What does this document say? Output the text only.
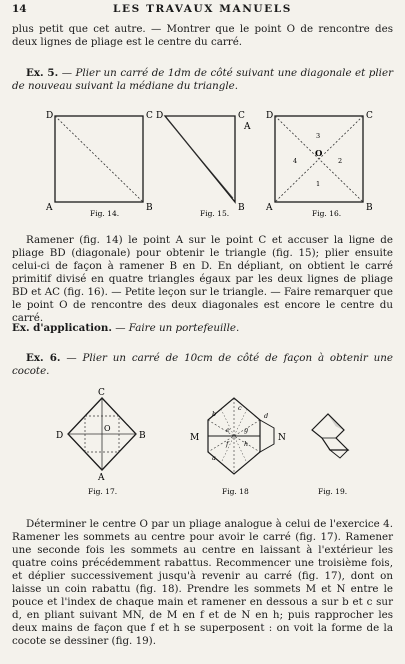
14	LES TRAVAUX MANUELS
plus petit que cet autre. — Montrer que le point O de rencontre des deux lignes de pliage est le centre du carré.
Ex. 5. — Plier un carré de 1dm de côté suivant une diagonale et plier de nouveau suivant la médiane du triangle.
D	C
A	B
Fig. 14.
D	C
A
B
Fig. 15.
D	C
A	B
O
3
4	2
1
Fig. 16.
Ramener (fig. 14) le point A sur le point C et accuser la ligne de pliage BD (diagonale) pour obtenir le triangle (fig. 15); plier ensuite celui-ci de façon à ramener B en D. En dépliant, on obtient le carré primitif divisé en quatre triangles égaux par les deux lignes de pliage BD et AC (fig. 16). — Petite leçon sur le triangle. — Faire remarquer que le point O de rencontre des deux diagonales est encore le centre du carré.
Ex. d'application. — Faire un portefeuille.
Ex. 6. — Plier un carré de 10cm de côté de façon à obtenir une cocote.
C
D	B
A
O
Fig. 17.
M	N
b
c
d
a
e
f
g
h
Fig. 18	Fig. 19.
Déterminer le centre O par un pliage analogue à celui de l'exercice 4. Ramener les sommets au centre pour avoir le carré (fig. 17). Ramener une seconde fois les sommets au centre en laissant à l'extérieur les quatre coins précédemment rabattus. Recommencer une troisième fois, et déplier successivement jusqu'à revenir au carré (fig. 17), dont on laisse un coin rabattu (fig. 18). Prendre les sommets M et N entre le pouce et l'index de chaque main et ramener en dessous a sur b et c sur d, en pliant suivant MN, de M en f et de N en h; puis rapprocher les deux mains de façon que f et h se superposent : on voit la forme de la cocote se dessiner (fig. 19).
